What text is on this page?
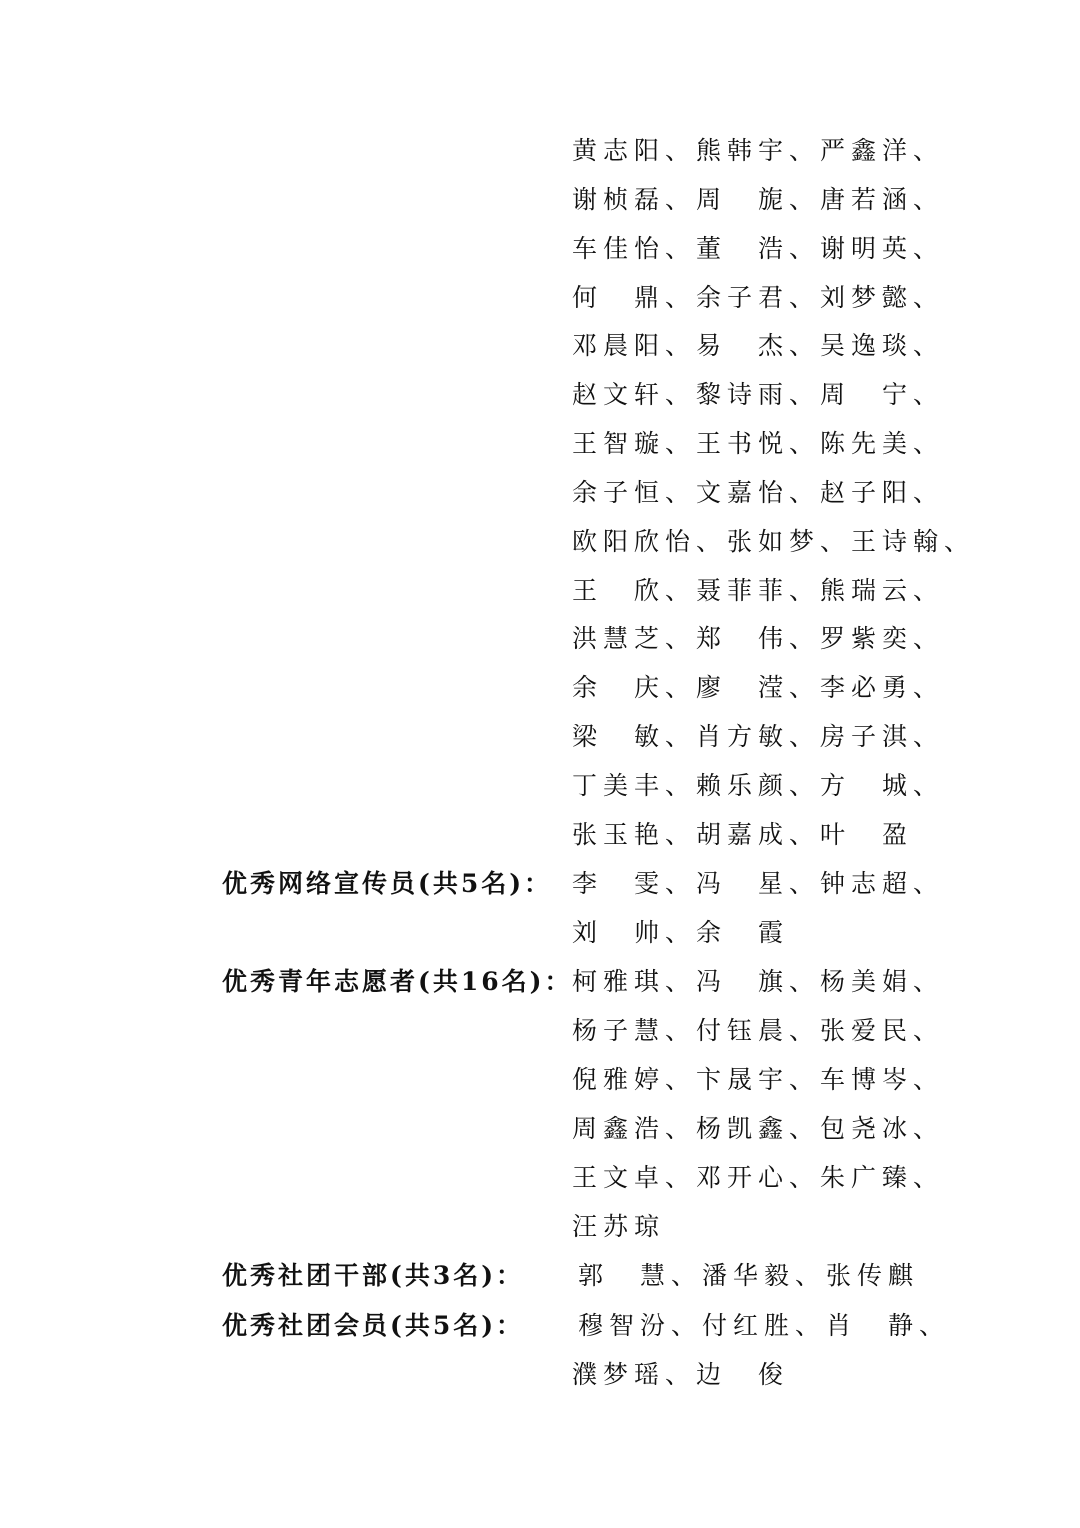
黄志阳、熊韩宇、严鑫洋、
谢桢磊、周　旎、唐若涵、
车佳怡、董　浩、谢明英、
何　鼎、余子君、刘梦懿、
邓晨阳、易　杰、吴逸琰、
赵文轩、黎诗雨、周　宁、
王智璇、王书悦、陈先美、
余子恒、文嘉怡、赵子阳、
欧阳欣怡、张如梦、王诗翰、
王　欣、聂菲菲、熊瑞云、
洪慧芝、郑　伟、罗紫奕、
余　庆、廖　滢、李必勇、
梁　敏、肖方敏、房子淇、
丁美丰、赖乐颜、方　城、
张玉艳、胡嘉成、叶　盈
优秀网络宣传员(共5名)： 李　雯、冯　星、钟志超、
刘　帅、余　霞
优秀青年志愿者(共16名)： 柯雅琪、冯　旗、杨美娟、
杨子慧、付钰晨、张爱民、
倪雅婷、卞晟宇、车博岑、
周鑫浩、杨凯鑫、包尧冰、
王文卓、邓开心、朱广臻、
汪苏琼
优秀社团干部(共3名)： 郭　慧、潘华毅、张传麒
优秀社团会员(共5名)： 穆智汾、付红胜、肖　静、
濮梦瑶、边　俊
